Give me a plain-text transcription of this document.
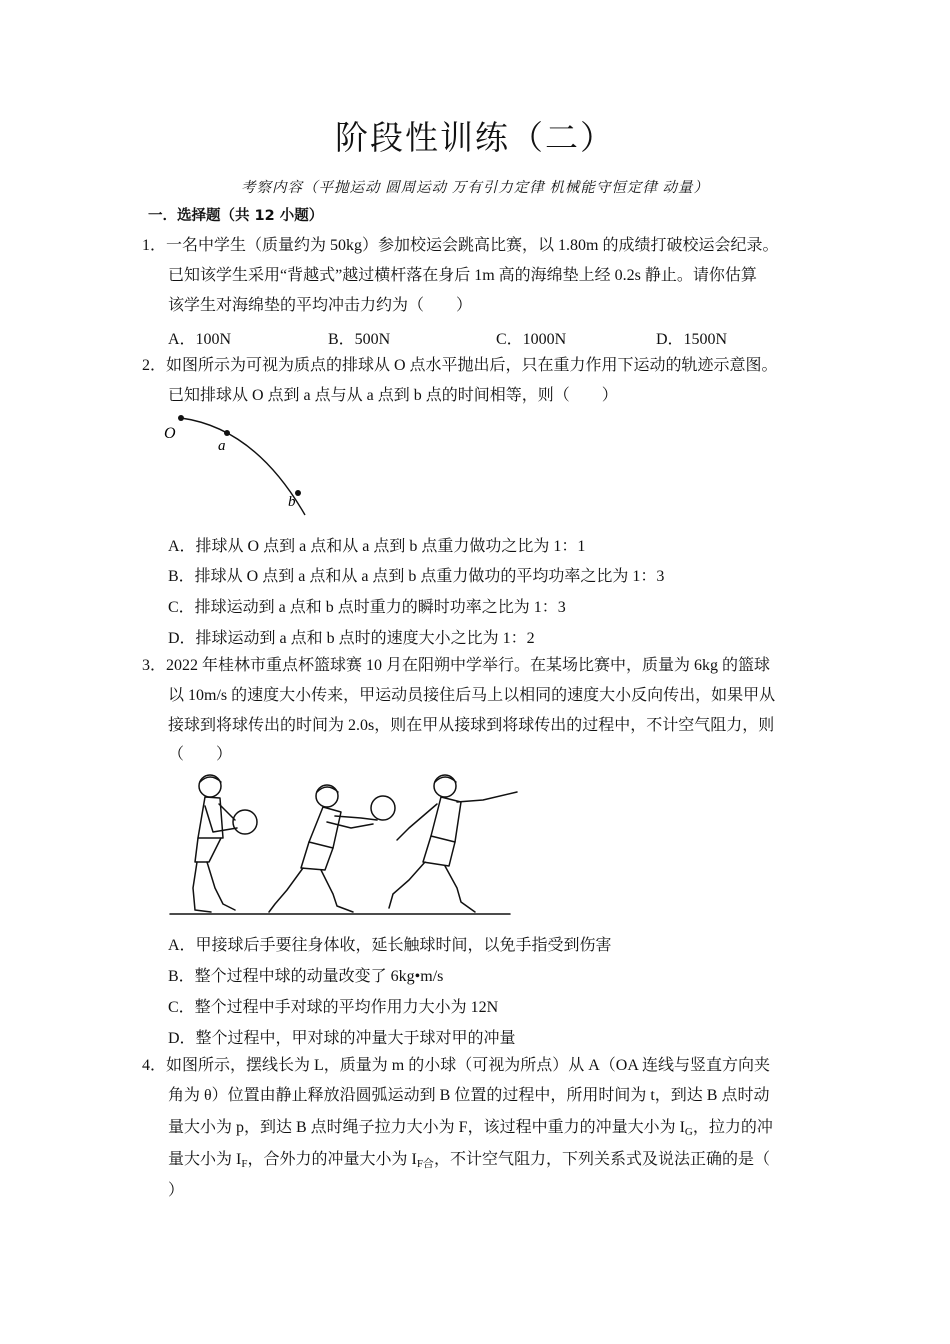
阶段性训练（二）
考察内容（平抛运动 圆周运动 万有引力定律 机械能守恒定律 动量）
一．选择题（共 12 小题）
1．一名中学生（质量约为 50kg）参加校运会跳高比赛，以 1.80m 的成绩打破校运会纪录。
已知该学生采用“背越式”越过横杆落在身后 1m 高的海绵垫上经 0.2s 静止。请你估算
该学生对海绵垫的平均冲击力约为（　　）
A．100N	B．500N	C．1000N	D．1500N
2．如图所示为可视为质点的排球从 O 点水平抛出后，只在重力作用下运动的轨迹示意图。
已知排球从 O 点到 a 点与从 a 点到 b 点的时间相等，则（　　）
O
a
b
A．排球从 O 点到 a 点和从 a 点到 b 点重力做功之比为 1：1
B．排球从 O 点到 a 点和从 a 点到 b 点重力做功的平均功率之比为 1：3
C．排球运动到 a 点和 b 点时重力的瞬时功率之比为 1：3
D．排球运动到 a 点和 b 点时的速度大小之比为 1：2
3．2022 年桂林市重点杯篮球赛 10 月在阳朔中学举行。在某场比赛中，质量为 6kg 的篮球
以 10m/s 的速度大小传来，甲运动员接住后马上以相同的速度大小反向传出，如果甲从
接球到将球传出的时间为 2.0s，则在甲从接球到将球传出的过程中，不计空气阻力，则
（　　）
A．甲接球后手要往身体收，延长触球时间，以免手指受到伤害
B．整个过程中球的动量改变了 6kg•m/s
C．整个过程中手对球的平均作用力大小为 12N
D．整个过程中，甲对球的冲量大于球对甲的冲量
4．如图所示，摆线长为 L，质量为 m 的小球（可视为所点）从 A（OA 连线与竖直方向夹
角为 θ）位置由静止释放沿圆弧运动到 B 位置的过程中，所用时间为 t，到达 B 点时动
量大小为 p，到达 B 点时绳子拉力大小为 F，该过程中重力的冲量大小为 $I_G$，拉力的冲
量大小为 $I_F$，合外力的冲量大小为 $I_{F合}$，不计空气阻力，下列关系式及说法正确的是（
）
